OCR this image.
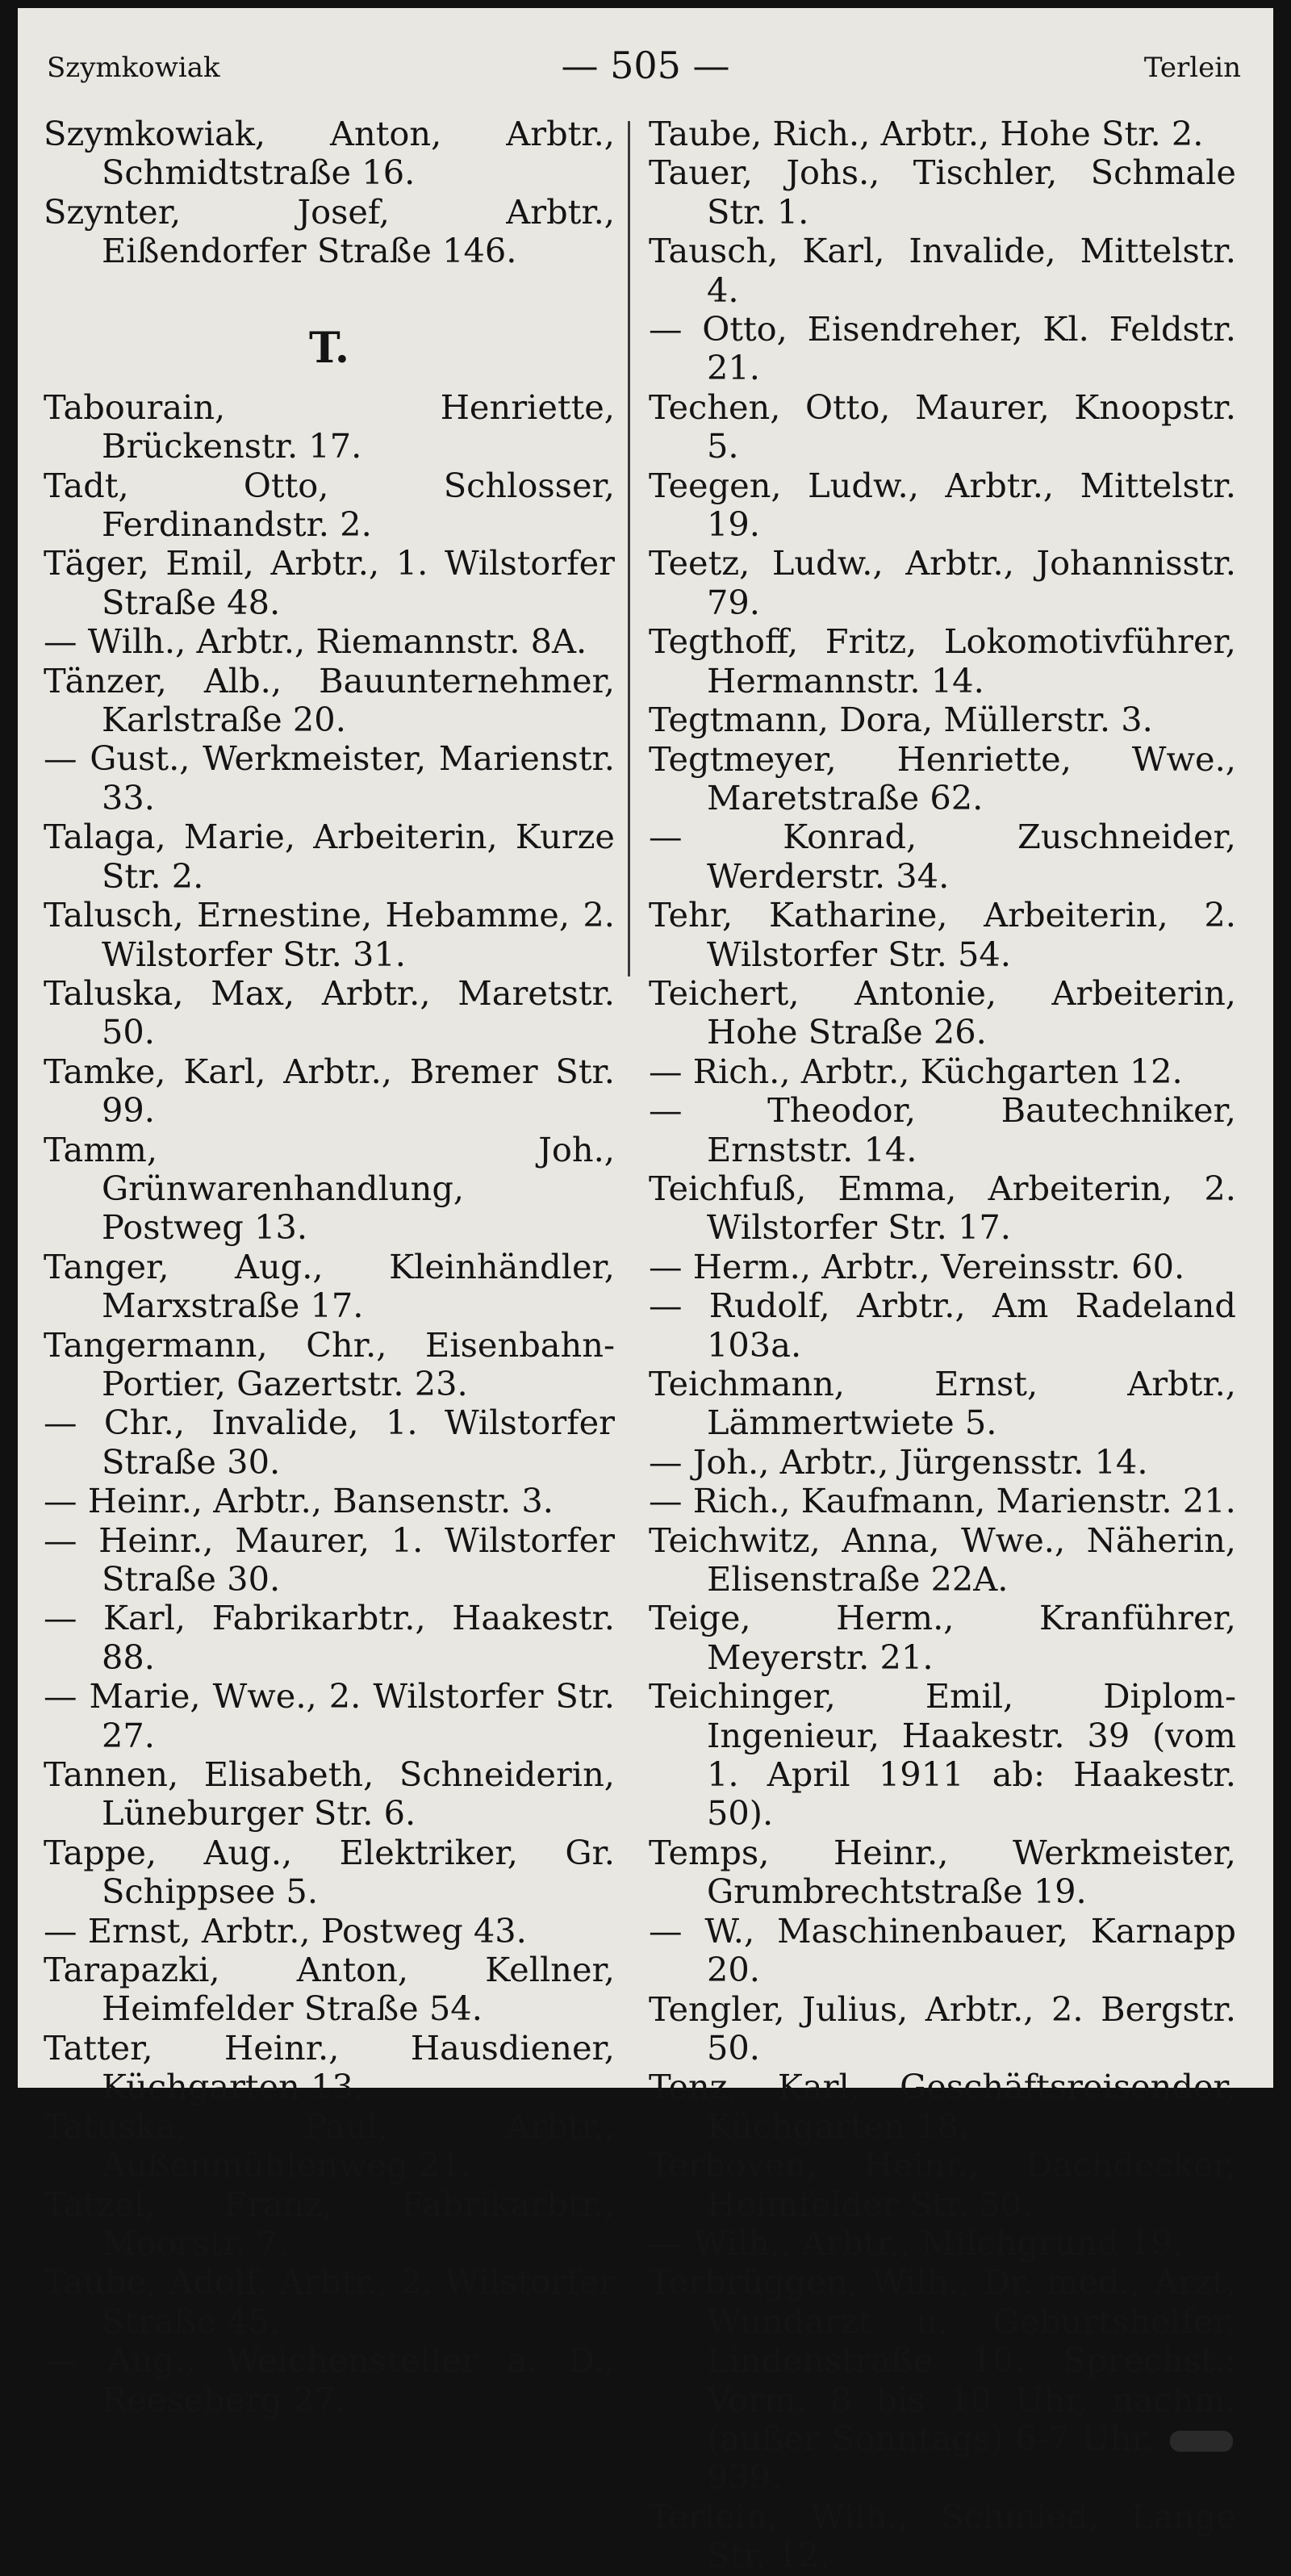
Szymkowiak	— 505 —	Terlein

Szymkowiak, Anton, Arbtr., Schmidtstraße 16.

Szynter, Josef, Arbtr., Eißendorfer Straße 146.

T.

Tabourain, Henriette, Brückenstr. 17.

Tadt, Otto, Schlosser, Ferdinandstr. 2.

Täger, Emil, Arbtr., 1. Wilstorfer Straße 48.

— Wilh., Arbtr., Riemannstr. 8A.

Tänzer, Alb., Bauunternehmer, Karlstraße 20.

— Gust., Werkmeister, Marienstr. 33.

Talaga, Marie, Arbeiterin, Kurze Str. 2.

Talusch, Ernestine, Hebamme, 2. Wilstorfer Str. 31.

Taluska, Max, Arbtr., Maretstr. 50.

Tamke, Karl, Arbtr., Bremer Str. 99.

Tamm, Joh., Grünwarenhandlung, Postweg 13.

Tanger, Aug., Kleinhändler, Marxstraße 17.

Tangermann, Chr., Eisenbahn-Portier, Gazertstr. 23.

— Chr., Invalide, 1. Wilstorfer Straße 30.

— Heinr., Arbtr., Bansenstr. 3.

— Heinr., Maurer, 1. Wilstorfer Straße 30.

— Karl, Fabrikarbtr., Haakestr. 88.

— Marie, Wwe., 2. Wilstorfer Str. 27.

Tannen, Elisabeth, Schneiderin, Lüneburger Str. 6.

Tappe, Aug., Elektriker, Gr. Schippsee 5.

— Ernst, Arbtr., Postweg 43.

Tarapazki, Anton, Kellner, Heimfelder Straße 54.

Tatter, Heinr., Hausdiener, Küchgarten 13.

Tatuska, Paul, Arbtr., Außenmühlenweg 21.

Tatzel, Franz, Fabrikarbtr., Moorstr. 7.

Taube, Adolf, Arbtr., 2. Wilstorfer Straße 45.

— Aug., Weichensteller a. D., Reeseberg 27.

Taube, Rich., Arbtr., Hohe Str. 2.

Tauer, Johs., Tischler, Schmale Str. 1.

Tausch, Karl, Invalide, Mittelstr. 4.

— Otto, Eisendreher, Kl. Feldstr. 21.

Techen, Otto, Maurer, Knoopstr. 5.

Teegen, Ludw., Arbtr., Mittelstr. 19.

Teetz, Ludw., Arbtr., Johannisstr. 79.

Tegthoff, Fritz, Lokomotivführer, Hermannstr. 14.

Tegtmann, Dora, Müllerstr. 3.

Tegtmeyer, Henriette, Wwe., Maretstraße 62.

— Konrad, Zuschneider, Werderstr. 34.

Tehr, Katharine, Arbeiterin, 2. Wilstorfer Str. 54.

Teichert, Antonie, Arbeiterin, Hohe Straße 26.

— Rich., Arbtr., Küchgarten 12.

— Theodor, Bautechniker, Ernststr. 14.

Teichfuß, Emma, Arbeiterin, 2. Wilstorfer Str. 17.

— Herm., Arbtr., Vereinsstr. 60.

— Rudolf, Arbtr., Am Radeland 103a.

Teichmann, Ernst, Arbtr., Lämmertwiete 5.

— Joh., Arbtr., Jürgensstr. 14.

— Rich., Kaufmann, Marienstr. 21.

Teichwitz, Anna, Wwe., Näherin, Elisenstraße 22A.

Teige, Herm., Kranführer, Meyerstr. 21.

Teichinger, Emil, Diplom-Ingenieur, Haakestr. 39 (vom 1. April 1911 ab: Haakestr. 50).

Temps, Heinr., Werkmeister, Grumbrechtstraße 19.

— W., Maschinenbauer, Karnapp 20.

Tengler, Julius, Arbtr., 2. Bergstr. 50.

Tenz, Karl, Geschäftsreisender, Küchgarten 18.

Terboven, Heinr., Dachdecker, Heimfelder Str. 50.

— Wilh., Arbtr., Milchgrund 19.

Terbrüggen, Wilh., Dr. med., Arzt, Wundarzt u. Geburtshelfer, Lindenstraße 10. Sprechst.: Vorm. 8 bis 10 Uhr, nachm. (außer Sonntags) 6-7 Uhr.  939.

Terlein, Wilh., Schmied, Lange Str. 12.
